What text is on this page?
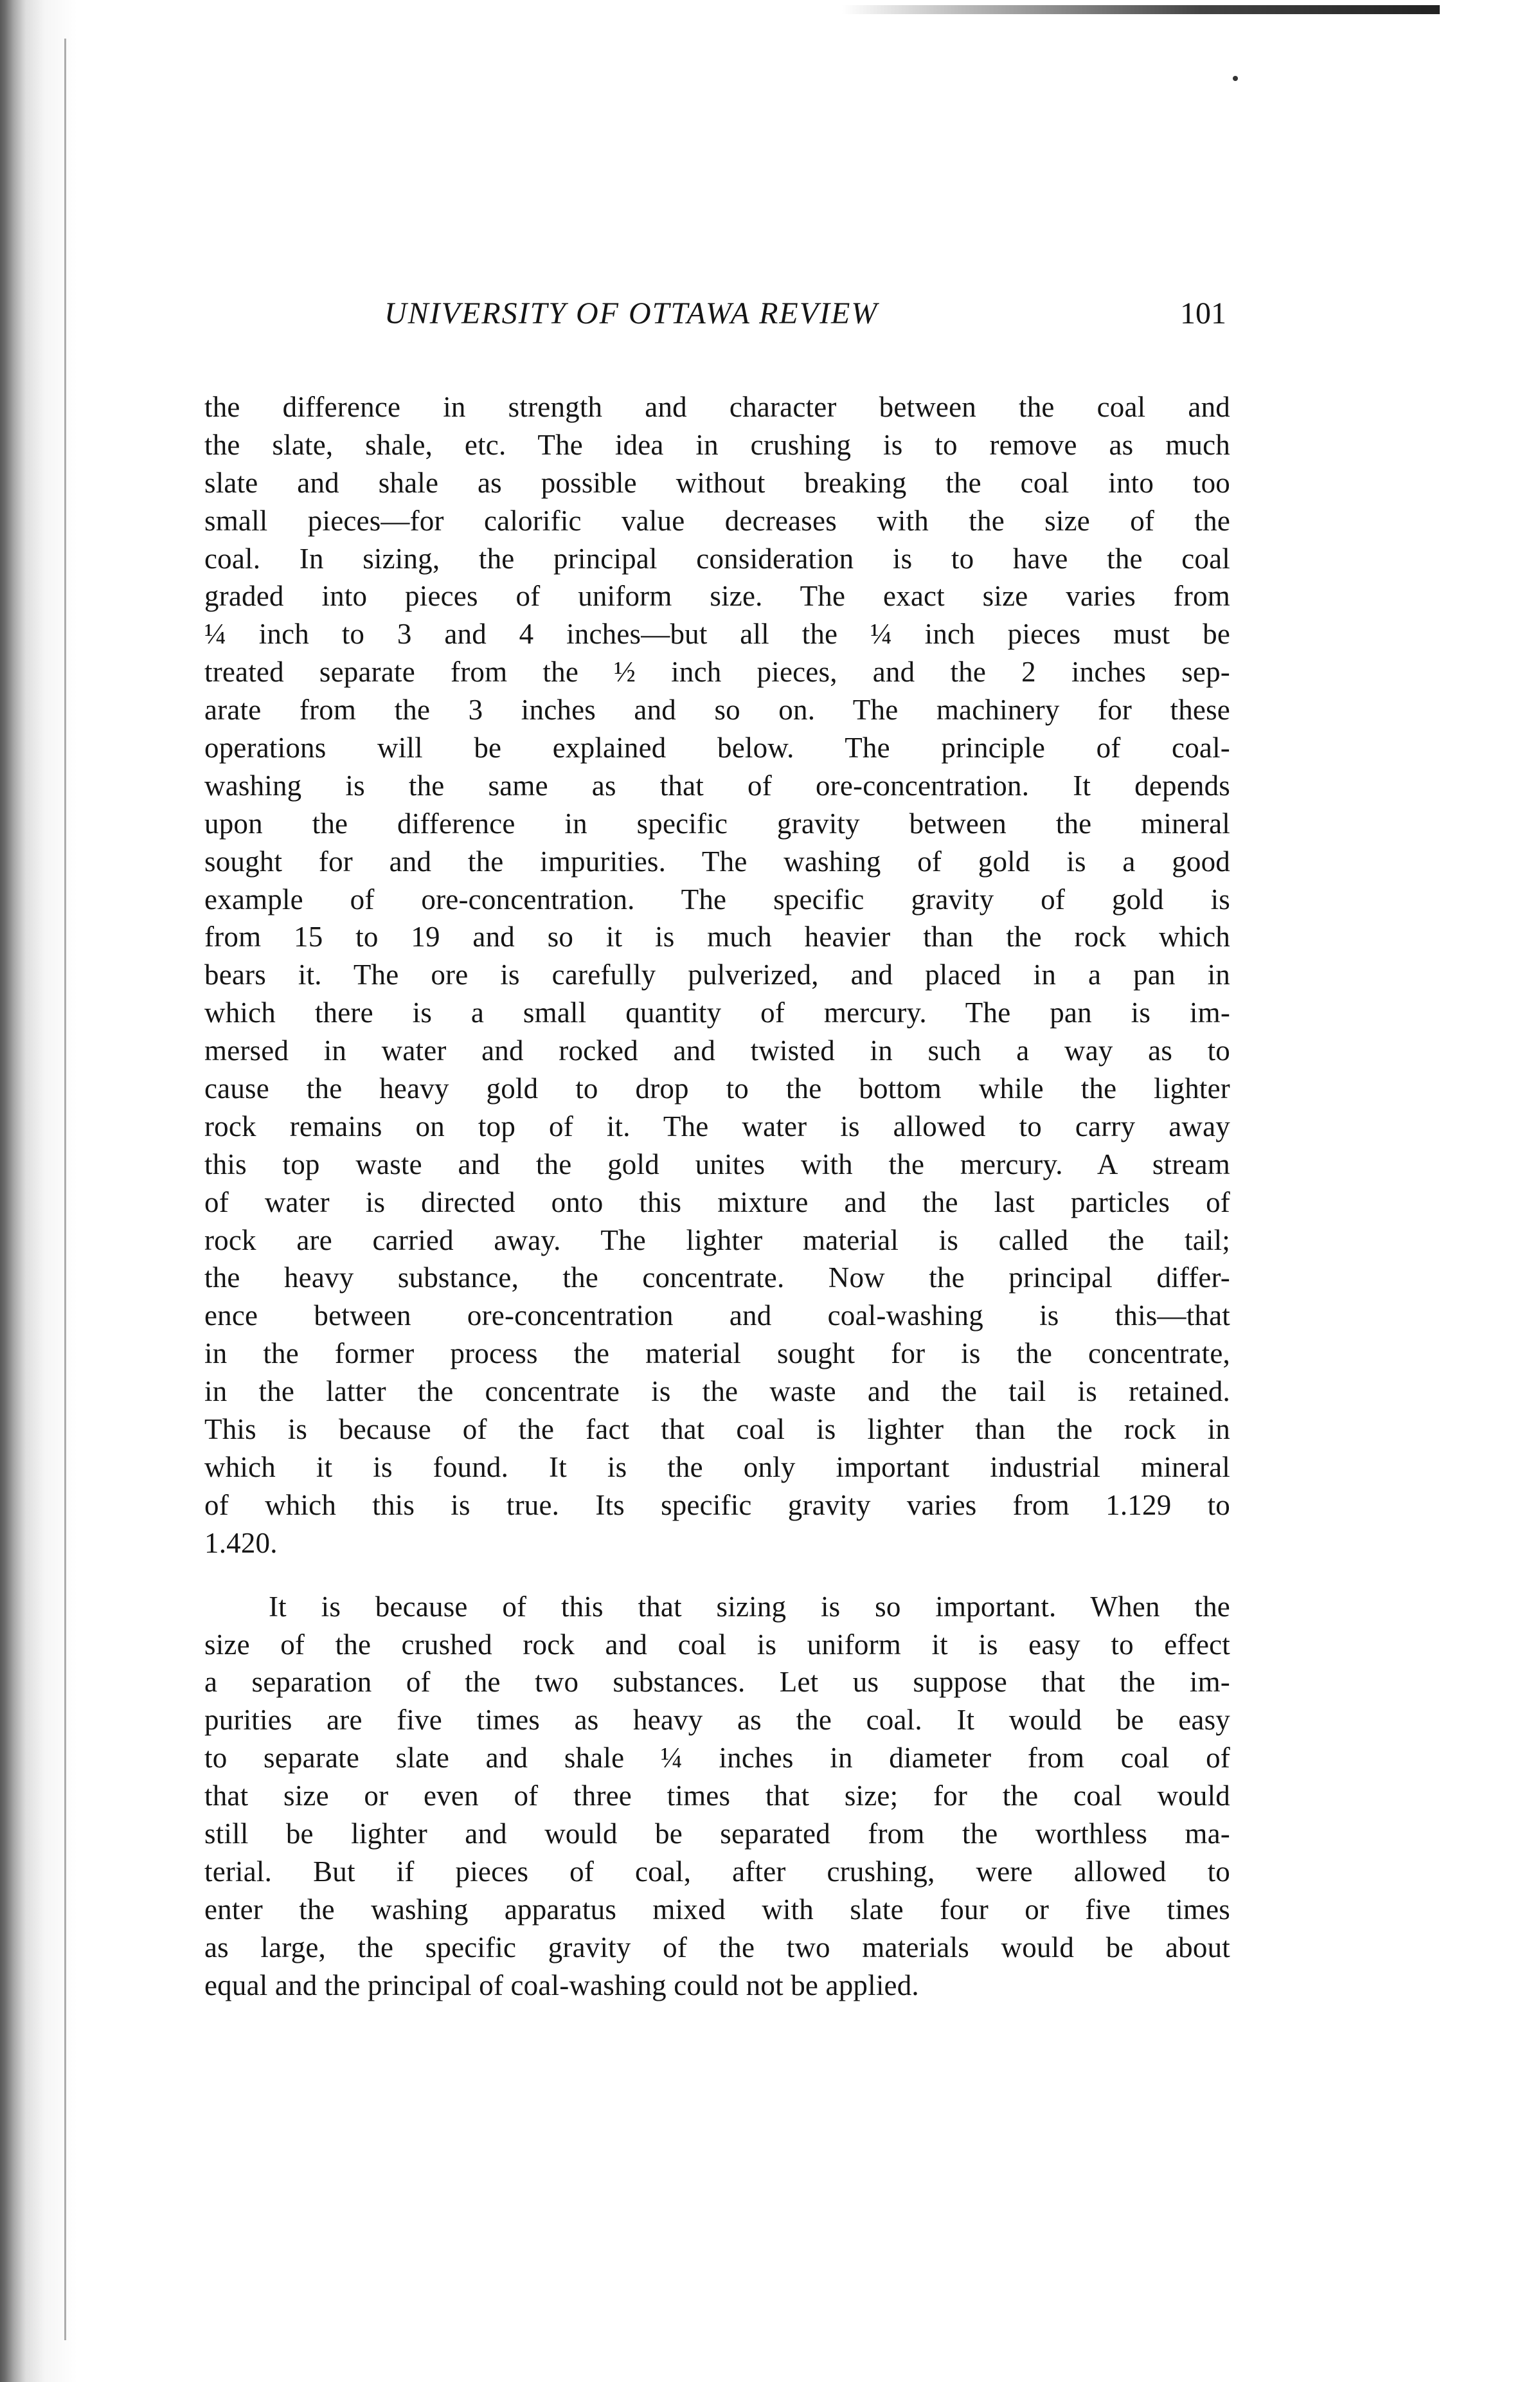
UNIVERSITY OF OTTAWA REVIEW	101
the difference in strength and character between the coal and
the slate, shale, etc. The idea in crushing is to remove as much
slate and shale as possible without breaking the coal into too
small pieces—for calorific value decreases with the size of the
coal. In sizing, the principal consideration is to have the coal
graded into pieces of uniform size. The exact size varies from
¼ inch to 3 and 4 inches—but all the ¼ inch pieces must be
treated separate from the ½ inch pieces, and the 2 inches sep-
arate from the 3 inches and so on. The machinery for these
operations will be explained below. The principle of coal-
washing is the same as that of ore-concentration. It depends
upon the difference in specific gravity between the mineral
sought for and the impurities. The washing of gold is a good
example of ore-concentration. The specific gravity of gold is
from 15 to 19 and so it is much heavier than the rock which
bears it. The ore is carefully pulverized, and placed in a pan in
which there is a small quantity of mercury. The pan is im-
mersed in water and rocked and twisted in such a way as to
cause the heavy gold to drop to the bottom while the lighter
rock remains on top of it. The water is allowed to carry away
this top waste and the gold unites with the mercury. A stream
of water is directed onto this mixture and the last particles of
rock are carried away. The lighter material is called the tail;
the heavy substance, the concentrate. Now the principal differ-
ence between ore-concentration and coal-washing is this—that
in the former process the material sought for is the concentrate,
in the latter the concentrate is the waste and the tail is retained.
This is because of the fact that coal is lighter than the rock in
which it is found. It is the only important industrial mineral
of which this is true. Its specific gravity varies from 1.129 to
1.420.
It is because of this that sizing is so important. When the
size of the crushed rock and coal is uniform it is easy to effect
a separation of the two substances. Let us suppose that the im-
purities are five times as heavy as the coal. It would be easy
to separate slate and shale ¼ inches in diameter from coal of
that size or even of three times that size; for the coal would
still be lighter and would be separated from the worthless ma-
terial. But if pieces of coal, after crushing, were allowed to
enter the washing apparatus mixed with slate four or five times
as large, the specific gravity of the two materials would be about
equal and the principal of coal-washing could not be applied.
